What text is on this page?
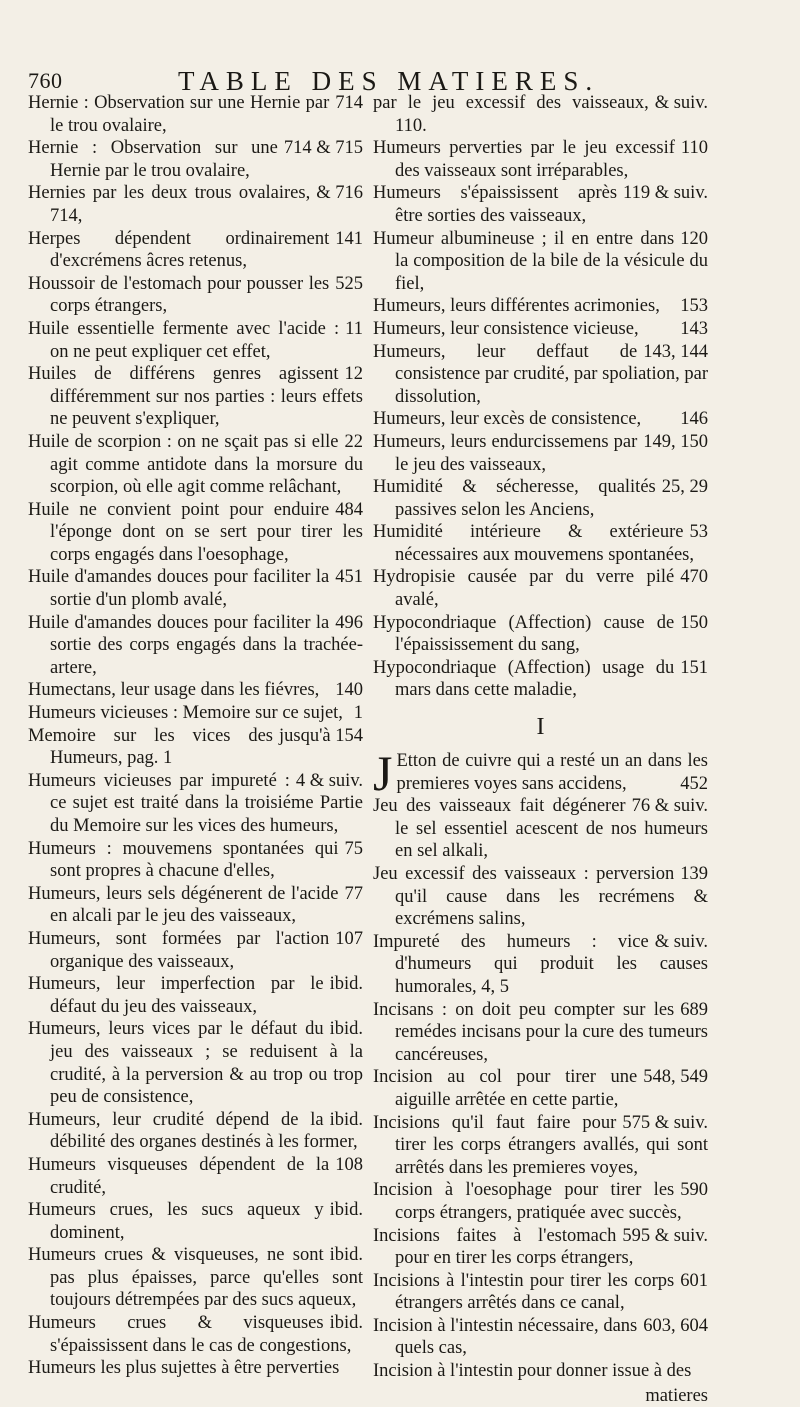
760	TABLE DES MATIERES.
714
Hernie : Observation sur une Hernie par le trou ovalaire,
714 & 715
Hernie : Observation sur une Hernie par le trou ovalaire,
& 716
Hernies par les deux trous ovalaires, 714,
141
Herpes dépendent ordinairement d'excrémens âcres retenus,
525
Houssoir de l'estomach pour pousser les corps étrangers,
11
Huile essentielle fermente avec l'acide : on ne peut expliquer cet effet,
12
Huiles de différens genres agissent différemment sur nos parties : leurs effets ne peuvent s'expliquer,
22
Huile de scorpion : on ne sçait pas si elle agit comme antidote dans la morsure du scorpion, où elle agit comme relâchant,
484
Huile ne convient point pour enduire l'éponge dont on se sert pour tirer les corps engagés dans l'oesophage,
451
Huile d'amandes douces pour faciliter la sortie d'un plomb avalé,
496
Huile d'amandes douces pour faciliter la sortie des corps engagés dans la trachée-artere,
140
Humectans, leur usage dans les fiévres,
1
Humeurs vicieuses : Memoire sur ce sujet,
jusqu'à 154
Memoire sur les vices des Humeurs, pag. 1
4 & suiv.
Humeurs vicieuses par impureté : ce sujet est traité dans la troisiéme Partie du Memoire sur les vices des humeurs,
75
Humeurs : mouvemens spontanées qui sont propres à chacune d'elles,
77
Humeurs, leurs sels dégénerent de l'acide en alcali par le jeu des vaisseaux,
107
Humeurs, sont formées par l'action organique des vaisseaux,
ibid.
Humeurs, leur imperfection par le défaut du jeu des vaisseaux,
ibid.
Humeurs, leurs vices par le défaut du jeu des vaisseaux ; se reduisent à la crudité, à la perversion & au trop ou trop peu de consistence,
ibid.
Humeurs, leur crudité dépend de la débilité des organes destinés à les former,
108
Humeurs visqueuses dépendent de la crudité,
ibid.
Humeurs crues, les sucs aqueux y dominent,
ibid.
Humeurs crues & visqueuses, ne sont pas plus épaisses, parce qu'elles sont toujours détrempées par des sucs aqueux,
ibid.
Humeurs crues & visqueuses s'épaississent dans le cas de congestions,
Humeurs les plus sujettes à être perverties
& suiv.
par le jeu excessif des vaisseaux, 110.
110
Humeurs perverties par le jeu excessif des vaisseaux sont irréparables,
119 & suiv.
Humeurs s'épaississent après être sorties des vaisseaux,
120
Humeur albumineuse ; il en entre dans la composition de la bile de la vésicule du fiel,
153
Humeurs, leurs différentes acrimonies,
143
Humeurs, leur consistence vicieuse,
143, 144
Humeurs, leur deffaut de consistence par crudité, par spoliation, par dissolution,
146
Humeurs, leur excès de consistence,
149, 150
Humeurs, leurs endurcissemens par le jeu des vaisseaux,
25, 29
Humidité & sécheresse, qualités passives selon les Anciens,
53
Humidité intérieure & extérieure nécessaires aux mouvemens spontanées,
470
Hydropisie causée par du verre pilé avalé,
150
Hypocondriaque (Affection) cause de l'épaississement du sang,
151
Hypocondriaque (Affection) usage du mars dans cette maladie,
I
J Etton de cuivre qui a resté un an dans les premieres voyes sans accidens,	452
76 & suiv.
Jeu des vaisseaux fait dégénerer le sel essentiel acescent de nos humeurs en sel alkali,
139
Jeu excessif des vaisseaux : perversion qu'il cause dans les recrémens & excrémens salins,
& suiv.
Impureté des humeurs : vice d'humeurs qui produit les causes humorales, 4, 5
689
Incisans : on doit peu compter sur les remédes incisans pour la cure des tumeurs cancéreuses,
548, 549
Incision au col pour tirer une aiguille arrêtée en cette partie,
575 & suiv.
Incisions qu'il faut faire pour tirer les corps étrangers avallés, qui sont arrêtés dans les premieres voyes,
590
Incision à l'oesophage pour tirer les corps étrangers, pratiquée avec succès,
595 & suiv.
Incisions faites à l'estomach pour en tirer les corps étrangers,
601
Incisions à l'intestin pour tirer les corps étrangers arrêtés dans ce canal,
603, 604
Incision à l'intestin nécessaire, dans quels cas,
Incision à l'intestin pour donner issue à des
matieres
